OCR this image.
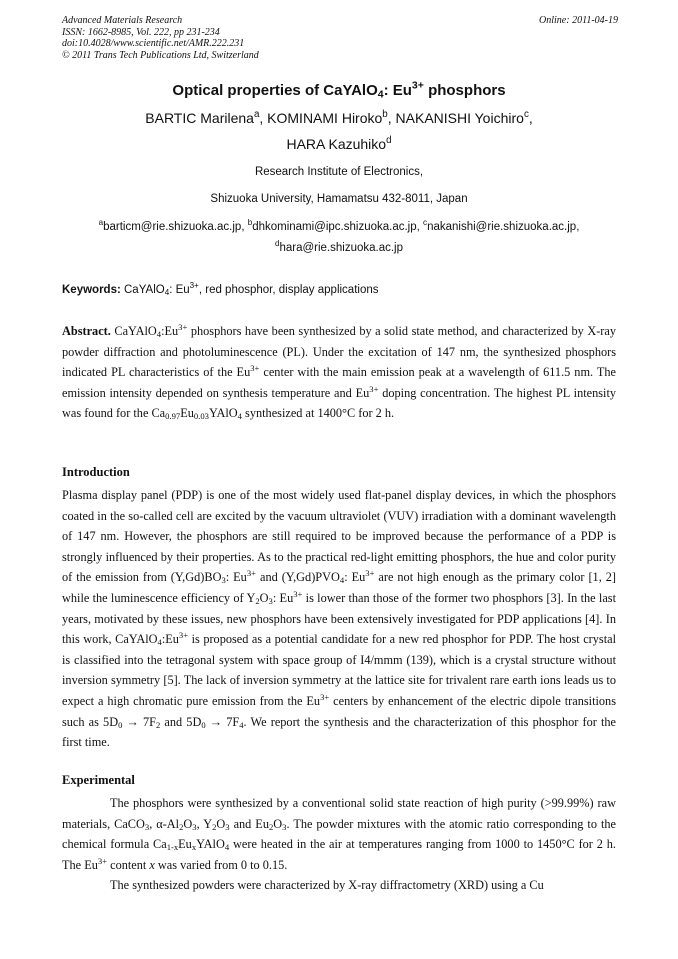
Advanced Materials Research
ISSN: 1662-8985, Vol. 222, pp 231-234
doi:10.4028/www.scientific.net/AMR.222.231
© 2011 Trans Tech Publications Ltd, Switzerland
Online: 2011-04-19
Optical properties of CaYAlO$_4$: $Eu^{3+}$ phosphors
BARTIC Marilena$^a$, KOMINAMI Hiroko$^b$, NAKANISHI Yoichiro$^c$,
HARA Kazuhiko$^d$
Research Institute of Electronics,
Shizuoka University, Hamamatsu 432-8011, Japan
$^a$barticm@rie.shizuoka.ac.jp, $^b$dhkominami@ipc.shizuoka.ac.jp, $^c$nakanishi@rie.shizuoka.ac.jp,
$^d$hara@rie.shizuoka.ac.jp
Keywords: CaYAlO$_4$: $Eu^{3+}$, red phosphor, display applications
Abstract. $CaYAlO_4:Eu^{3+}$ phosphors have been synthesized by a solid state method, and characterized by X-ray powder diffraction and photoluminescence (PL). Under the excitation of 147 nm, the synthesized phosphors indicated PL characteristics of the $Eu^{3+}$ center with the main emission peak at a wavelength of 611.5 nm. The emission intensity depended on synthesis temperature and $Eu^{3+}$ doping concentration. The highest PL intensity was found for the $Ca_{0.97}Eu_{0.03}YAlO_4$ synthesized at 1400°C for 2 h.
Introduction

Plasma display panel (PDP) is one of the most widely used flat-panel display devices, in which the phosphors coated in the so-called cell are excited by the vacuum ultraviolet (VUV) irradiation with a dominant wavelength of 147 nm. However, the phosphors are still required to be improved because the performance of a PDP is strongly influenced by their properties. As to the practical red-light emitting phosphors, the hue and color purity of the emission from $(Y,Gd)BO_3$: $Eu^{3+}$ and $(Y,Gd)PVO_4$: $Eu^{3+}$ are not high enough as the primary color [1, 2] while the luminescence efficiency of $Y_2O_3$: $Eu^{3+}$ is lower than those of the former two phosphors [3]. In the last years, motivated by these issues, new phosphors have been extensively investigated for PDP applications [4]. In this work, $CaYAlO_4:Eu^{3+}$ is proposed as a potential candidate for a new red phosphor for PDP. The host crystal is classified into the tetragonal system with space group of I4/mmm (139), which is a crystal structure without inversion symmetry [5]. The lack of inversion symmetry at the lattice site for trivalent rare earth ions leads us to expect a high chromatic pure emission from the $Eu^{3+}$ centers by enhancement of the electric dipole transitions such as $5D_0 \to 7F_2$ and $5D_0 \to 7F_4$. We report the synthesis and the characterization of this phosphor for the first time.

Experimental

The phosphors were synthesized by a conventional solid state reaction of high purity (>99.99%) raw materials, CaCO$_3$, $\alpha-Al_2O_3$, $Y_2O_3$ and $Eu_2O_3$. The powder mixtures with the atomic ratio corresponding to the chemical formula $Ca_{1-x}Eu_xYAlO_4$ were heated in the air at temperatures ranging from 1000 to 1450°C for 2 h. The $Eu^{3+}$ content x was varied from 0 to 0.15.

The synthesized powders were characterized by X-ray diffractometry (XRD) using a Cu
